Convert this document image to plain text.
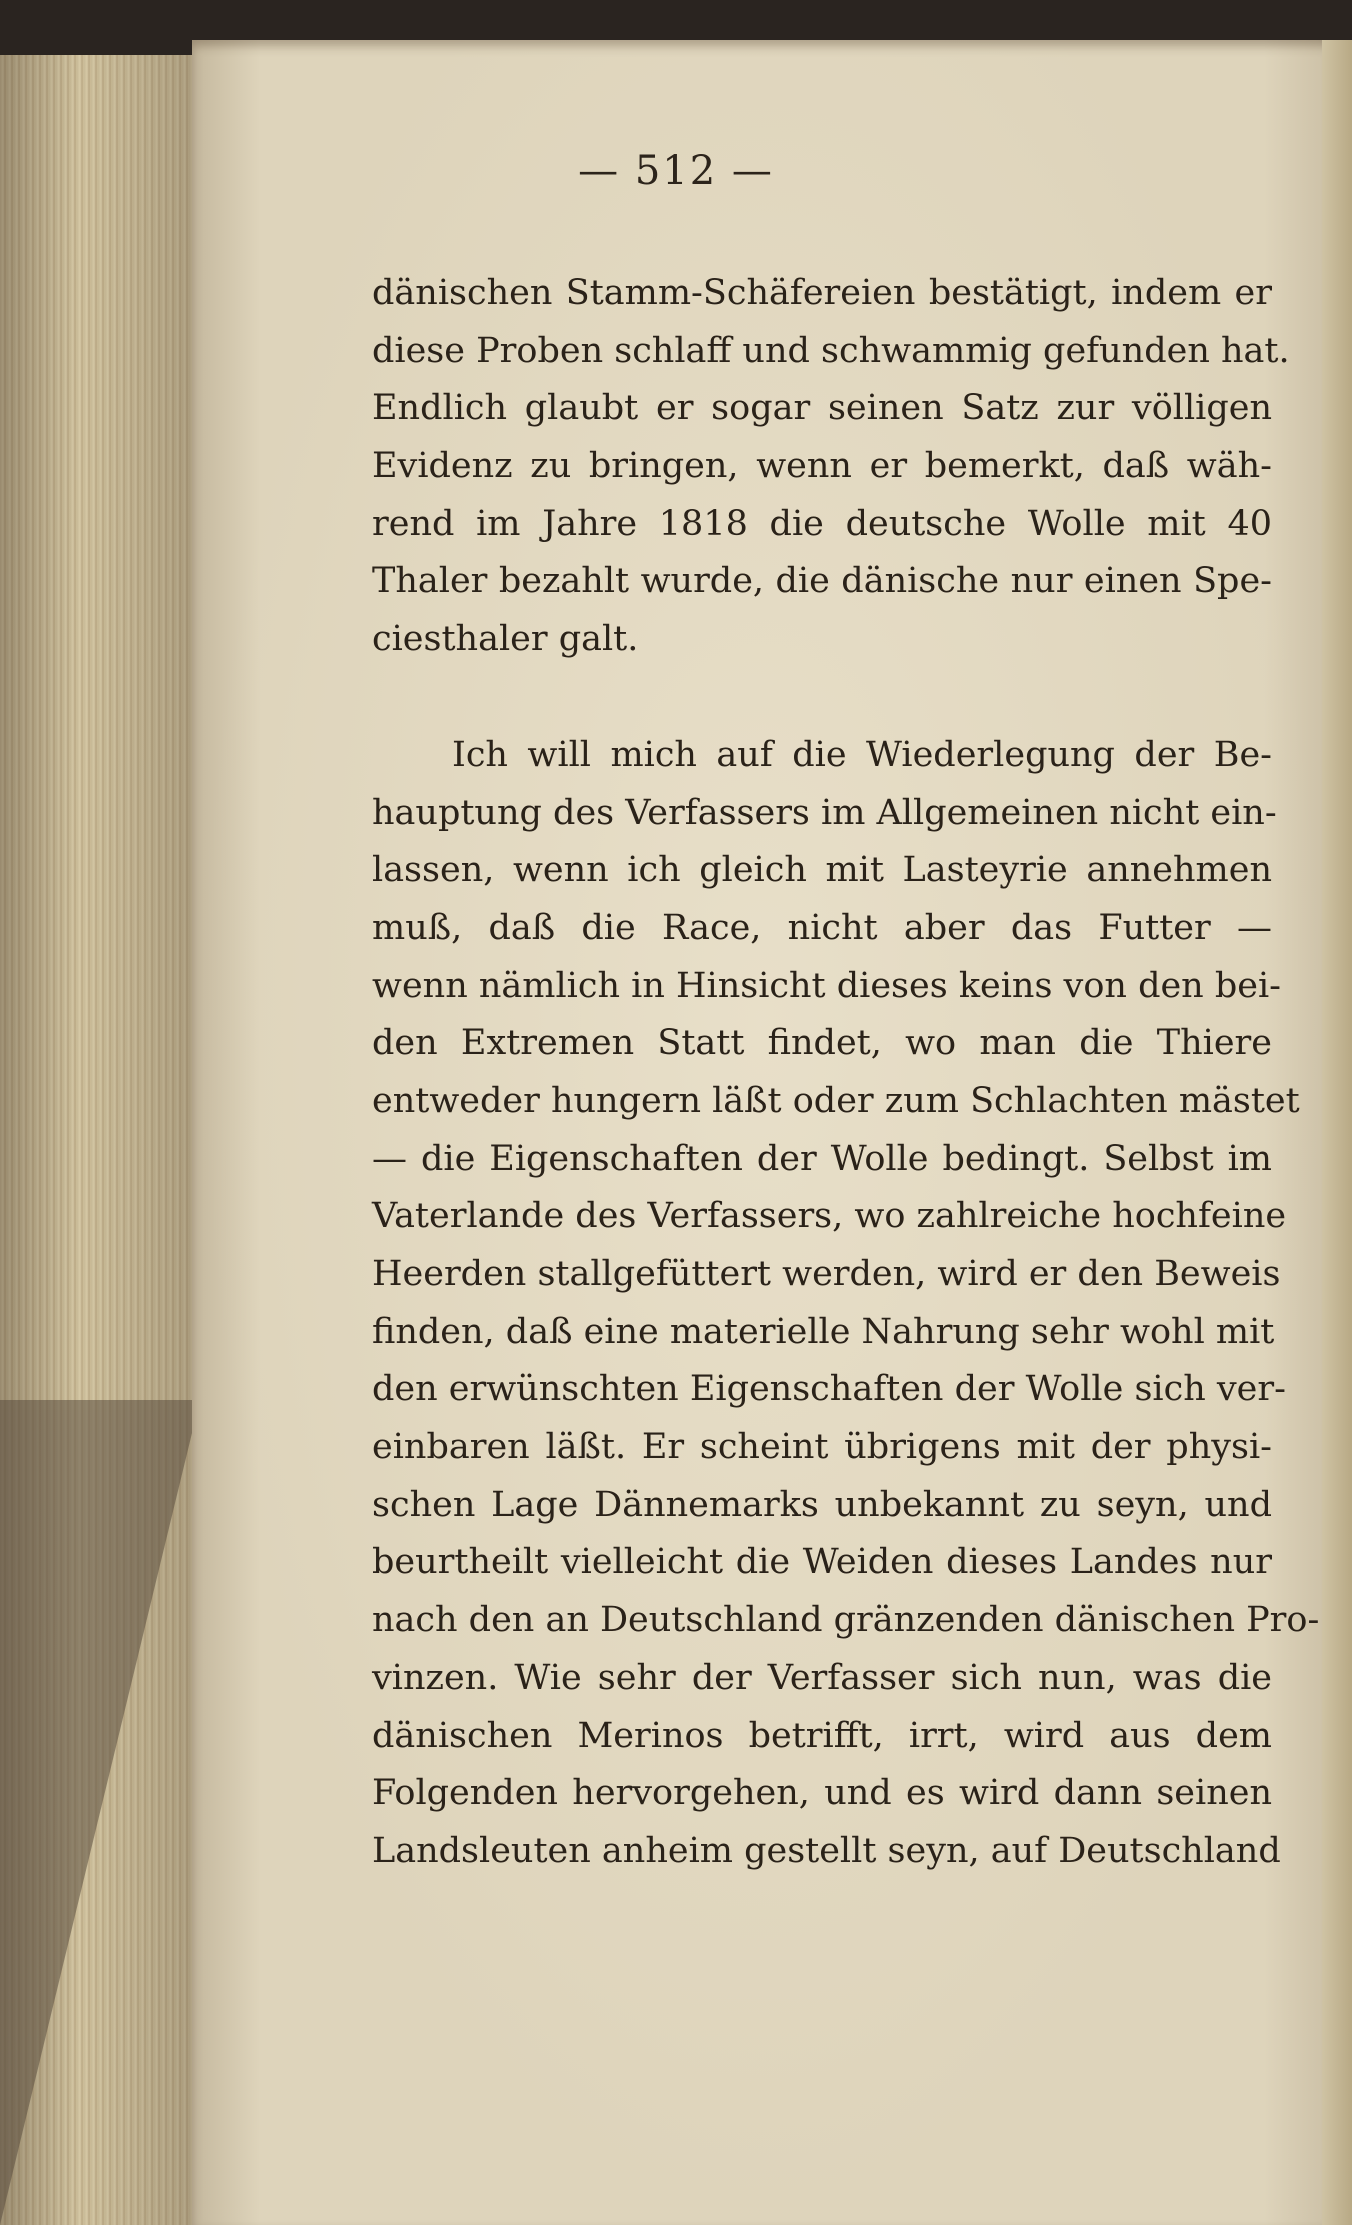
— 512 —
dänischen Stamm-Schäfereien bestätigt, indem er
diese Proben schlaff und schwammig gefunden hat.
Endlich glaubt er sogar seinen Satz zur völligen
Evidenz zu bringen, wenn er bemerkt, daß wäh-
rend im Jahre 1818 die deutsche Wolle mit 40
Thaler bezahlt wurde, die dänische nur einen Spe-
ciesthaler galt.
Ich will mich auf die Wiederlegung der Be-
hauptung des Verfassers im Allgemeinen nicht ein-
lassen, wenn ich gleich mit Lasteyrie annehmen
muß, daß die Race, nicht aber das Futter —
wenn nämlich in Hinsicht dieses keins von den bei-
den Extremen Statt findet, wo man die Thiere
entweder hungern läßt oder zum Schlachten mästet
— die Eigenschaften der Wolle bedingt. Selbst im
Vaterlande des Verfassers, wo zahlreiche hochfeine
Heerden stallgefüttert werden, wird er den Beweis
finden, daß eine materielle Nahrung sehr wohl mit
den erwünschten Eigenschaften der Wolle sich ver-
einbaren läßt. Er scheint übrigens mit der physi-
schen Lage Dännemarks unbekannt zu seyn, und
beurtheilt vielleicht die Weiden dieses Landes nur
nach den an Deutschland gränzenden dänischen Pro-
vinzen. Wie sehr der Verfasser sich nun, was die
dänischen Merinos betrifft, irrt, wird aus dem
Folgenden hervorgehen, und es wird dann seinen
Landsleuten anheim gestellt seyn, auf Deutschland
